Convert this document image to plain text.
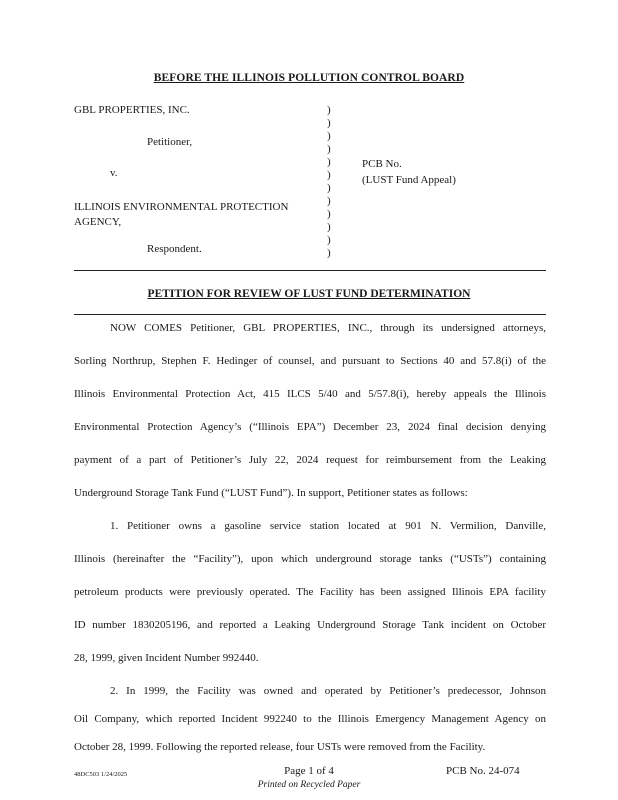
BEFORE THE ILLINOIS POLLUTION CONTROL BOARD
GBL PROPERTIES, INC.
Petitioner,
v.
ILLINOIS ENVIRONMENTAL PROTECTION
AGENCY,
Respondent.
PCB No.
(LUST Fund Appeal)
)
)
)
)
)
)
)
)
)
)
)
)
PETITION FOR REVIEW OF LUST FUND DETERMINATION
NOW COMES Petitioner, GBL PROPERTIES, INC., through its undersigned attorneys,
Sorling Northrup, Stephen F. Hedinger of counsel, and pursuant to Sections 40 and 57.8(i) of the
Illinois Environmental Protection Act, 415 ILCS 5/40 and 5/57.8(i), hereby appeals the Illinois
Environmental Protection Agency’s (“Illinois EPA”) December 23, 2024 final decision denying
payment of a part of Petitioner’s July 22, 2024 request for reimbursement from the Leaking
Underground Storage Tank Fund (“LUST Fund”). In support, Petitioner states as follows:
1. Petitioner owns a gasoline service station located at 901 N. Vermilion, Danville,
Illinois (hereinafter the “Facility”), upon which underground storage tanks (“USTs”) containing
petroleum products were previously operated. The Facility has been assigned Illinois EPA facility
ID number 1830205196, and reported a Leaking Underground Storage Tank incident on October
28, 1999, given Incident Number 992440.
2. In 1999, the Facility was owned and operated by Petitioner’s predecessor, Johnson
Oil Company, which reported Incident 992240 to the Illinois Emergency Management Agency on
October 28, 1999. Following the reported release, four USTs were removed from the Facility.
48DC503 1/24/2025	Page 1 of 4
Printed on Recycled Paper
PCB No. 24-074
